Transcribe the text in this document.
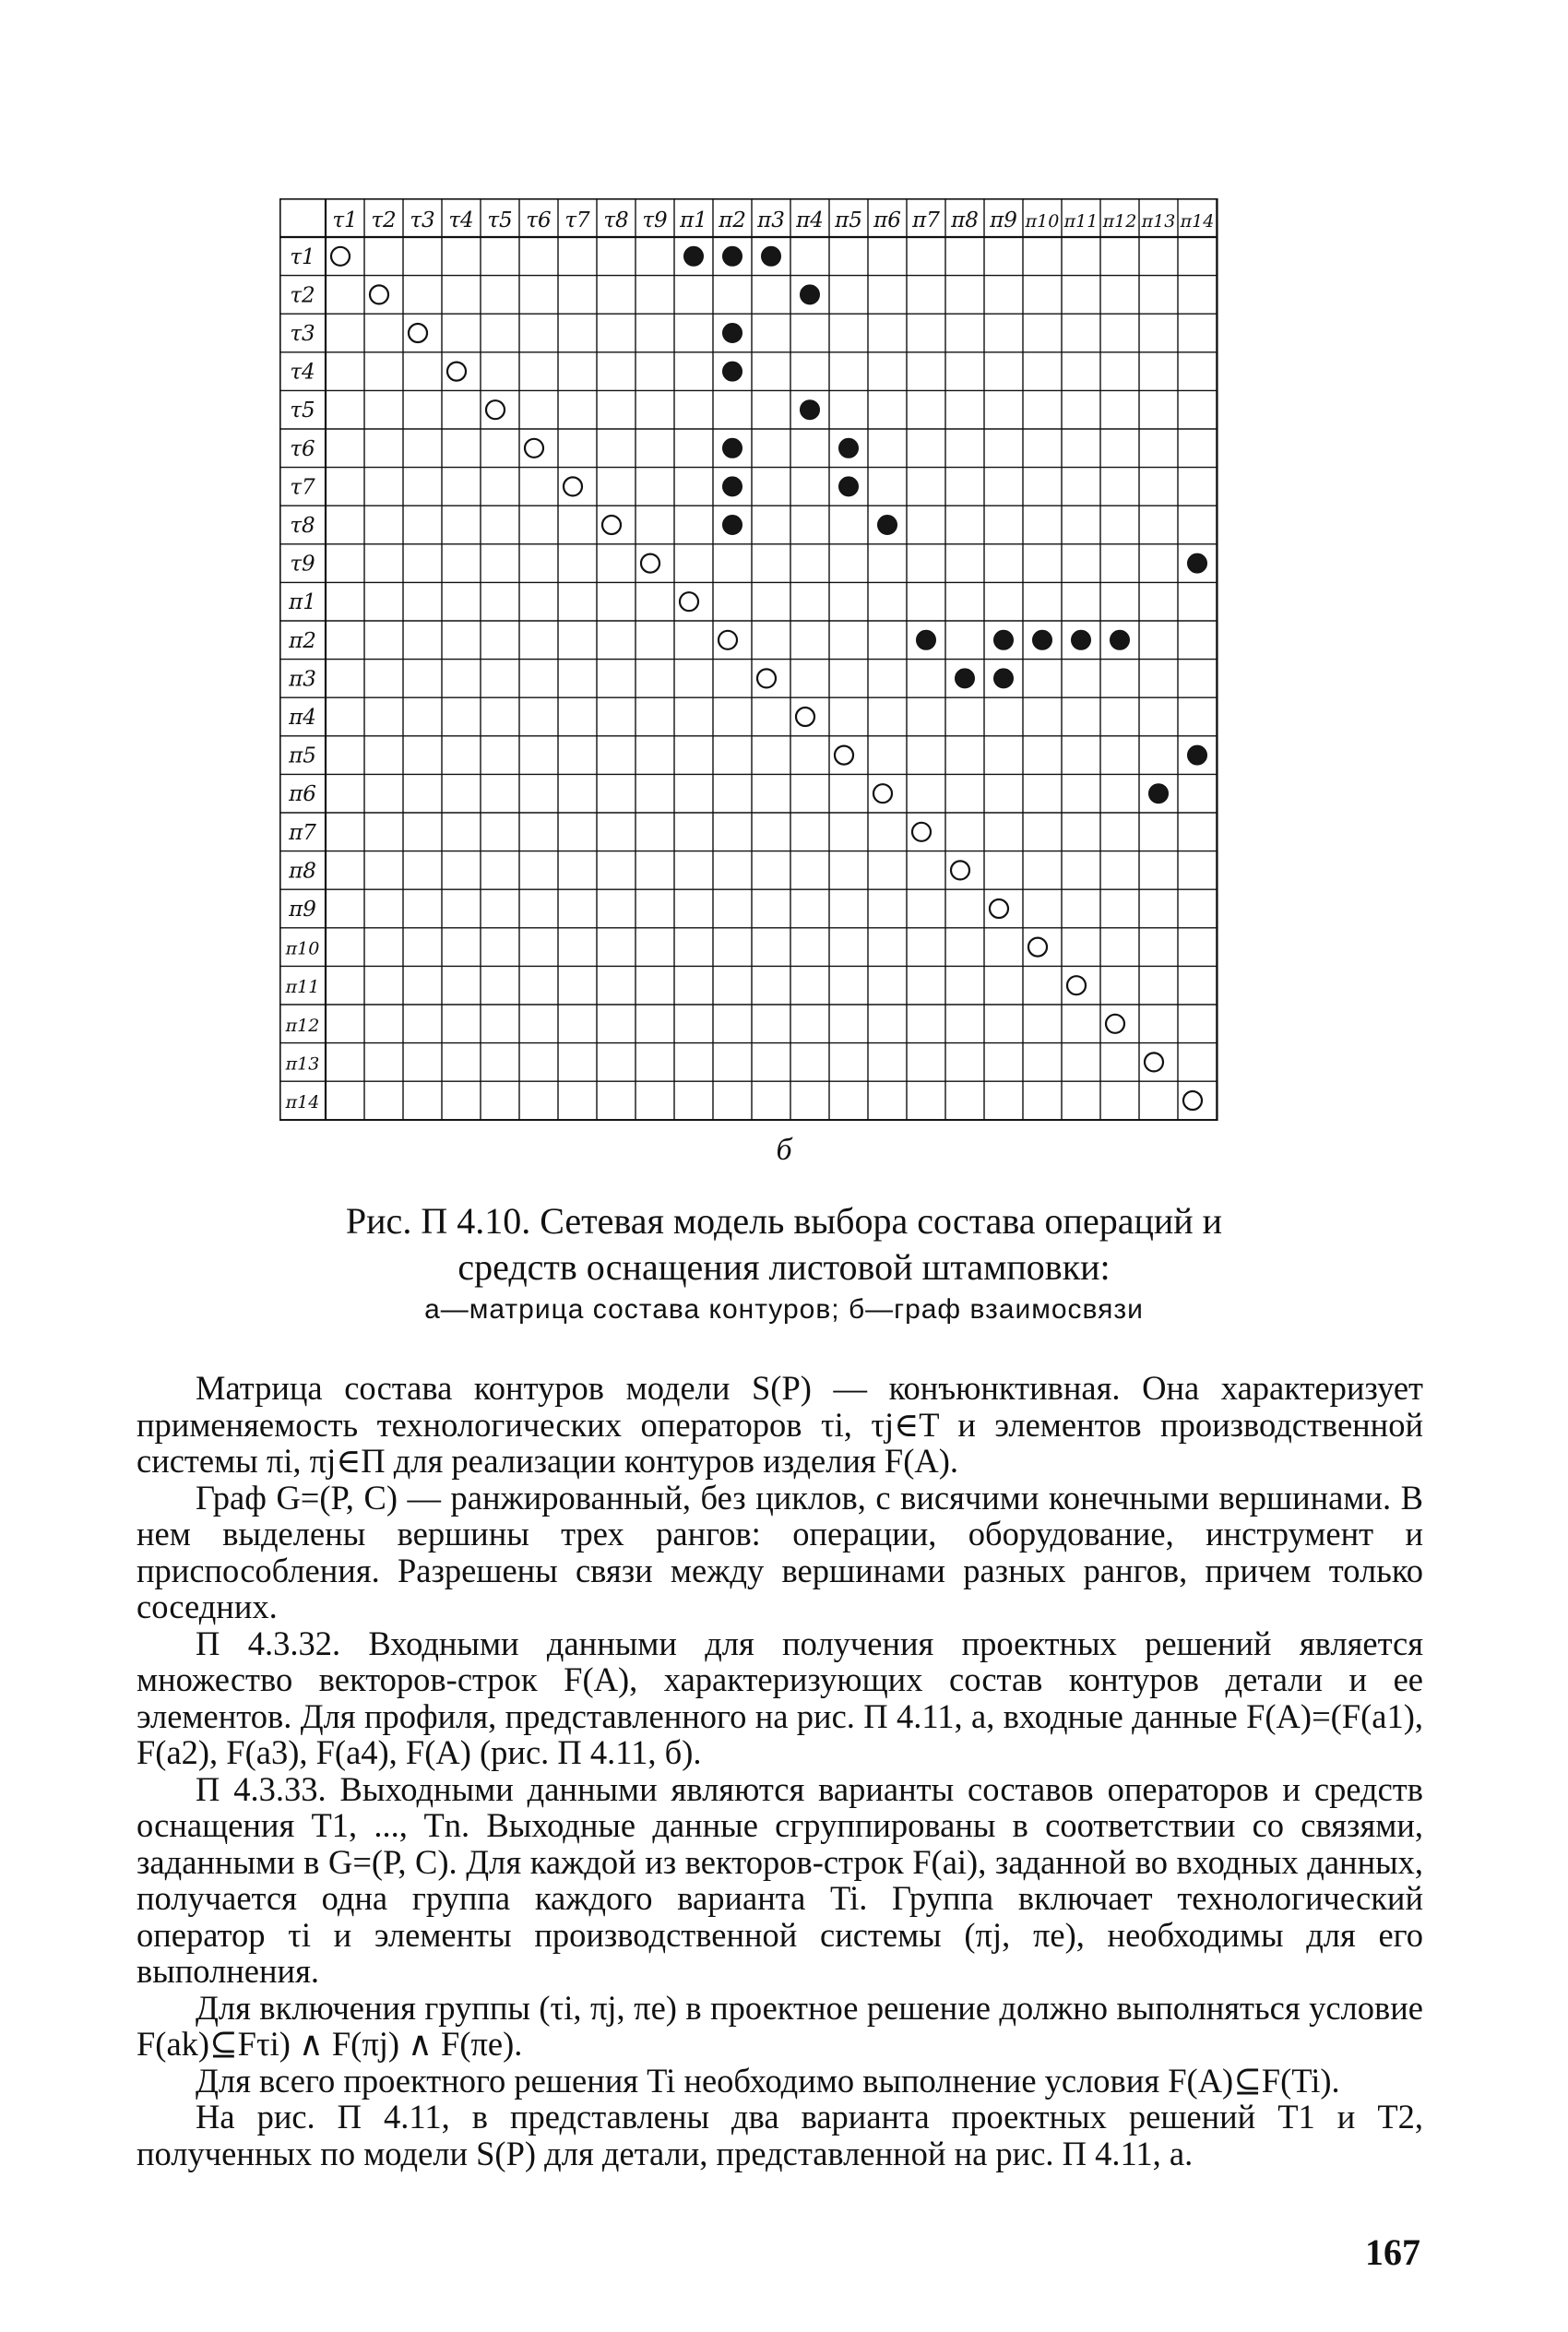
τ1 τ2 τ3 τ4 τ5 τ6 τ7 τ8 τ9 π1 π2 π3 π4 π5 π6 π7 π8 π9 π10 π11 π12 π13 π14
τ1
τ2
τ3
τ4
τ5
τ6
τ7
τ8
τ9
π1
π2
π3
π4
π5
π6
π7
π8
π9
π10
π11
π12
π13
π14
б
Рис. П 4.10. Сетевая модель выбора состава операций и
средств оснащения листовой штамповки:
а—матрица состава контуров; б—граф взаимосвязи

Матрица состава контуров модели S(P) — конъюнктивная. Она характеризует применяемость технологических операторов τi, τj∈T и элементов производственной системы πi, πj∈П для реализации контуров изделия F(A).

Граф G=(P, C) — ранжированный, без циклов, с висячими конечными вершинами. В нем выделены вершины трех рангов: операции, оборудование, инструмент и приспособления. Разрешены связи между вершинами разных рангов, причем только соседних.

П 4.3.32. Входными данными для получения проектных решений является множество векторов-строк F(A), характеризующих состав контуров детали и ее элементов. Для профиля, представленного на рис. П 4.11, а, входные данные F(A)=(F(a1), F(a2), F(a3), F(a4), F(A) (рис. П 4.11, б).

П 4.3.33. Выходными данными являются варианты составов операторов и средств оснащения T1, ..., Tn. Выходные данные сгруппированы в соответствии со связями, заданными в G=(P, C). Для каждой из векторов-строк F(ai), заданной во входных данных, получается одна группа каждого варианта Ti. Группа включает технологический оператор τi и элементы производственной системы (πj, πe), необходимы для его выполнения.

Для включения группы (τi, πj, πe) в проектное решение должно выполняться условие F(ak)⊆Fτi) ∧ F(πj) ∧ F(πe).

Для всего проектного решения Ti необходимо выполнение условия F(A)⊆F(Ti).

На рис. П 4.11, в представлены два варианта проектных решений T1 и T2, полученных по модели S(P) для детали, представленной на рис. П 4.11, а.

167
